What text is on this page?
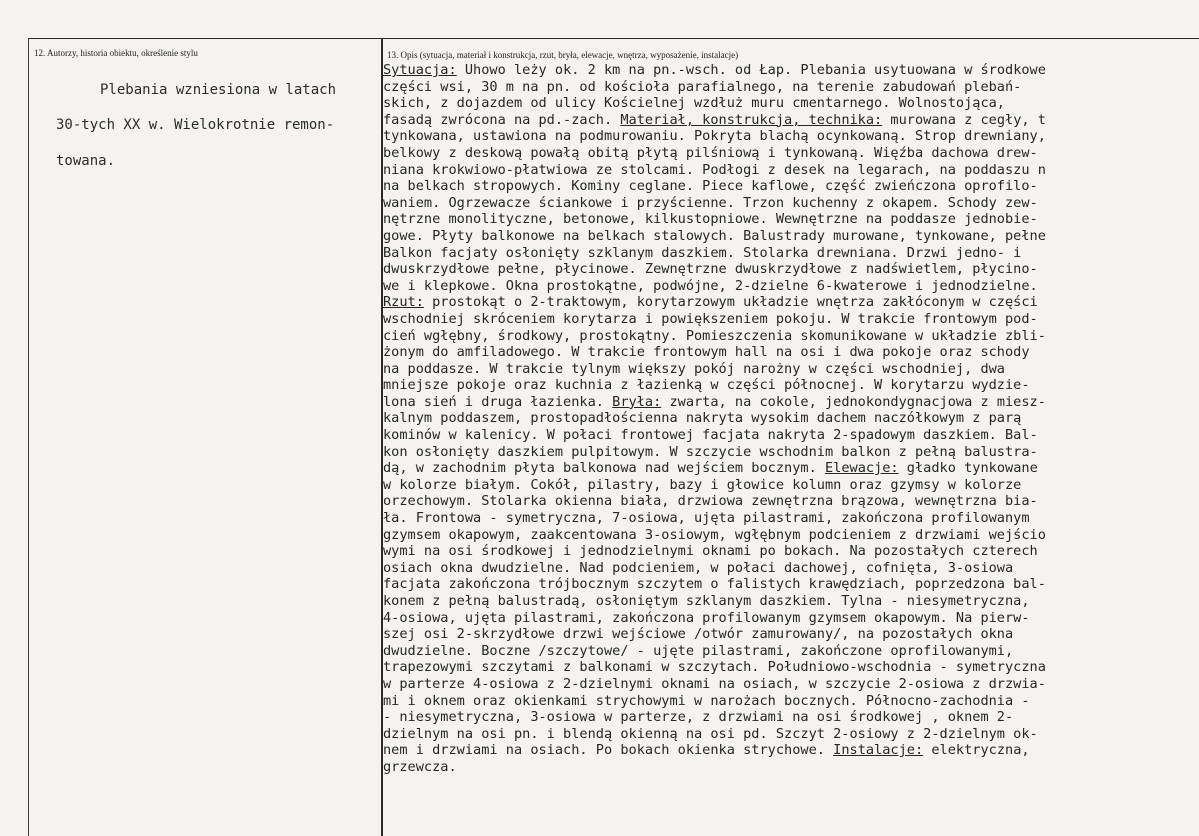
12. Autorzy, historia obiektu, określenie stylu	13. Opis (sytuacja, materiał i konstrukcja, rzut, bryła, elewacje, wnętrza, wyposażenie, instalacje)
Plebania wzniesiona w latach
30-tych XX w. Wielokrotnie remon-
towana.
Sytuacja: Uhowo leży ok. 2 km na pn.-wsch. od Łap. Plebania usytuowana w środkowe
części wsi, 30 m na pn. od kościoła parafialnego, na terenie zabudowań plebań-
skich, z dojazdem od ulicy Kościelnej wzdłuż muru cmentarnego. Wolnostojąca,
fasadą zwrócona na pd.-zach. Materiał, konstrukcja, technika: murowana z cegły, t
tynkowana, ustawiona na podmurowaniu. Pokryta blachą ocynkowaną. Strop drewniany,
belkowy z deskową powałą obitą płytą pilśniową i tynkowaną. Więźba dachowa drew-
niana krokwiowo-płatwiowa ze stolcami. Podłogi z desek na legarach, na poddaszu n
na belkach stropowych. Kominy ceglane. Piece kaflowe, część zwieńczona oprofilo-
waniem. Ogrzewacze ściankowe i przyścienne. Trzon kuchenny z okapem. Schody zew-
nętrzne monolityczne, betonowe, kilkustopniowe. Wewnętrzne na poddasze jednobie-
gowe. Płyty balkonowe na belkach stalowych. Balustrady murowane, tynkowane, pełne
Balkon facjaty osłonięty szklanym daszkiem. Stolarka drewniana. Drzwi jedno- i
dwuskrzydłowe pełne, płycinowe. Zewnętrzne dwuskrzydłowe z nadświetlem, płycino-
we i klepkowe. Okna prostokątne, podwójne, 2-dzielne 6-kwaterowe i jednodzielne.
Rzut: prostokąt o 2-traktowym, korytarzowym układzie wnętrza zakłóconym w części
wschodniej skróceniem korytarza i powiększeniem pokoju. W trakcie frontowym pod-
cień wgłębny, środkowy, prostokątny. Pomieszczenia skomunikowane w układzie zbli-
żonym do amfiladowego. W trakcie frontowym hall na osi i dwa pokoje oraz schody
na poddasze. W trakcie tylnym większy pokój narożny w części wschodniej, dwa
mniejsze pokoje oraz kuchnia z łazienką w części północnej. W korytarzu wydzie-
lona sień i druga łazienka. Bryła: zwarta, na cokole, jednokondygnacjowa z miesz-
kalnym poddaszem, prostopadłościenna nakryta wysokim dachem naczółkowym z parą
kominów w kalenicy. W połaci frontowej facjata nakryta 2-spadowym daszkiem. Bal-
kon osłonięty daszkiem pulpitowym. W szczycie wschodnim balkon z pełną balustra-
dą, w zachodnim płyta balkonowa nad wejściem bocznym. Elewacje: gładko tynkowane
w kolorze białym. Cokół, pilastry, bazy i głowice kolumn oraz gzymsy w kolorze
orzechowym. Stolarka okienna biała, drzwiowa zewnętrzna brązowa, wewnętrzna bia-
ła. Frontowa - symetryczna, 7-osiowa, ujęta pilastrami, zakończona profilowanym
gzymsem okapowym, zaakcentowana 3-osiowym, wgłębnym podcieniem z drzwiami wejścio
wymi na osi środkowej i jednodzielnymi oknami po bokach. Na pozostałych czterech
osiach okna dwudzielne. Nad podcieniem, w połaci dachowej, cofnięta, 3-osiowa
facjata zakończona trójbocznym szczytem o falistych krawędziach, poprzedzona bal-
konem z pełną balustradą, osłoniętym szklanym daszkiem. Tylna - niesymetryczna,
4-osiowa, ujęta pilastrami, zakończona profilowanym gzymsem okapowym. Na pierw-
szej osi 2-skrzydłowe drzwi wejściowe /otwór zamurowany/, na pozostałych okna
dwudzielne. Boczne /szczytowe/ - ujęte pilastrami, zakończone oprofilowanymi,
trapezowymi szczytami z balkonami w szczytach. Południowo-wschodnia - symetryczna
w parterze 4-osiowa z 2-dzielnymi oknami na osiach, w szczycie 2-osiowa z drzwia-
mi i oknem oraz okienkami strychowymi w narożach bocznych. Północno-zachodnia -
- niesymetryczna, 3-osiowa w parterze, z drzwiami na osi środkowej , oknem 2-
dzielnym na osi pn. i blendą okienną na osi pd. Szczyt 2-osiowy z 2-dzielnym ok-
nem i drzwiami na osiach. Po bokach okienka strychowe. Instalacje: elektryczna,
grzewcza.
